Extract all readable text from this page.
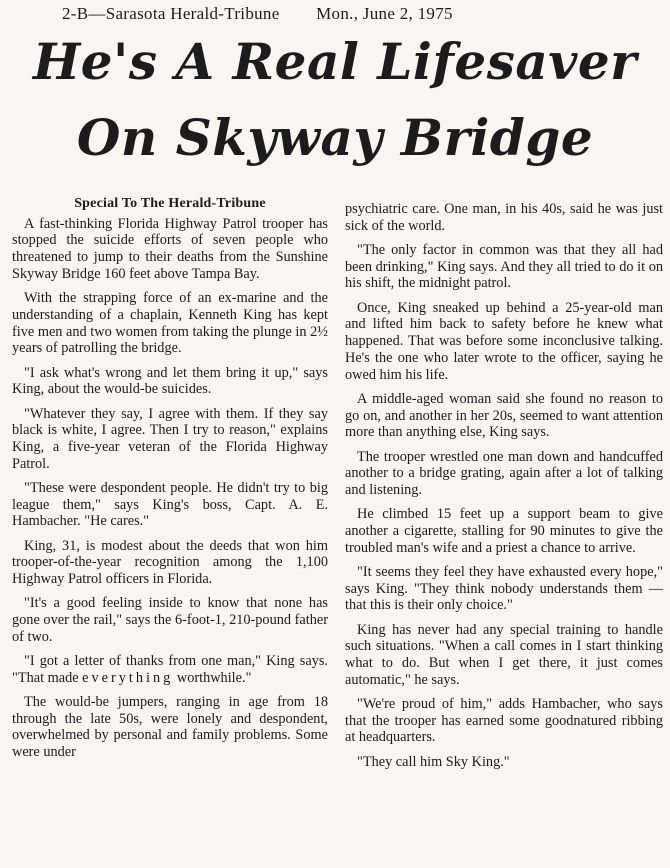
2-B—Sarasota Herald-Tribune Mon., June 2, 1975
He's A Real Lifesaver
On Skyway Bridge
Special To The Herald-Tribune

A fast-thinking Florida Highway Patrol trooper has stopped the suicide efforts of seven people who threatened to jump to their deaths from the Sunshine Skyway Bridge 160 feet above Tampa Bay.

With the strapping force of an ex-marine and the understanding of a chaplain, Kenneth King has kept five men and two women from taking the plunge in 2½ years of patrolling the bridge.

"I ask what's wrong and let them bring it up," says King, about the would-be suicides.

"Whatever they say, I agree with them. If they say black is white, I agree. Then I try to reason," explains King, a five-year veteran of the Florida Highway Patrol.

"These were despondent people. He didn't try to big league them," says King's boss, Capt. A. E. Hambacher. "He cares."

King, 31, is modest about the deeds that won him trooper-of-the-year recognition among the 1,100 Highway Patrol officers in Florida.

"It's a good feeling inside to know that none has gone over the rail," says the 6-foot-1, 210-pound father of two.

"I got a letter of thanks from one man," King says. "That made everything worthwhile."

The would-be jumpers, ranging in age from 18 through the late 50s, were lonely and despondent, overwhelmed by personal and family problems. Some were under

psychiatric care. One man, in his 40s, said he was just sick of the world.

"The only factor in common was that they all had been drinking," King says. And they all tried to do it on his shift, the midnight patrol.

Once, King sneaked up behind a 25-year-old man and lifted him back to safety before he knew what happened. That was before some inconclusive talking. He's the one who later wrote to the officer, saying he owed him his life.

A middle-aged woman said she found no reason to go on, and another in her 20s, seemed to want attention more than anything else, King says.

The trooper wrestled one man down and handcuffed another to a bridge grating, again after a lot of talking and listening.

He climbed 15 feet up a support beam to give another a cigarette, stalling for 90 minutes to give the troubled man's wife and a priest a chance to arrive.

"It seems they feel they have exhausted every hope," says King. "They think nobody understands them — that this is their only choice."

King has never had any special training to handle such situations. "When a call comes in I start thinking what to do. But when I get there, it just comes automatic," he says.

"We're proud of him," adds Hambacher, who says that the trooper has earned some goodnatured ribbing at headquarters.

"They call him Sky King."
